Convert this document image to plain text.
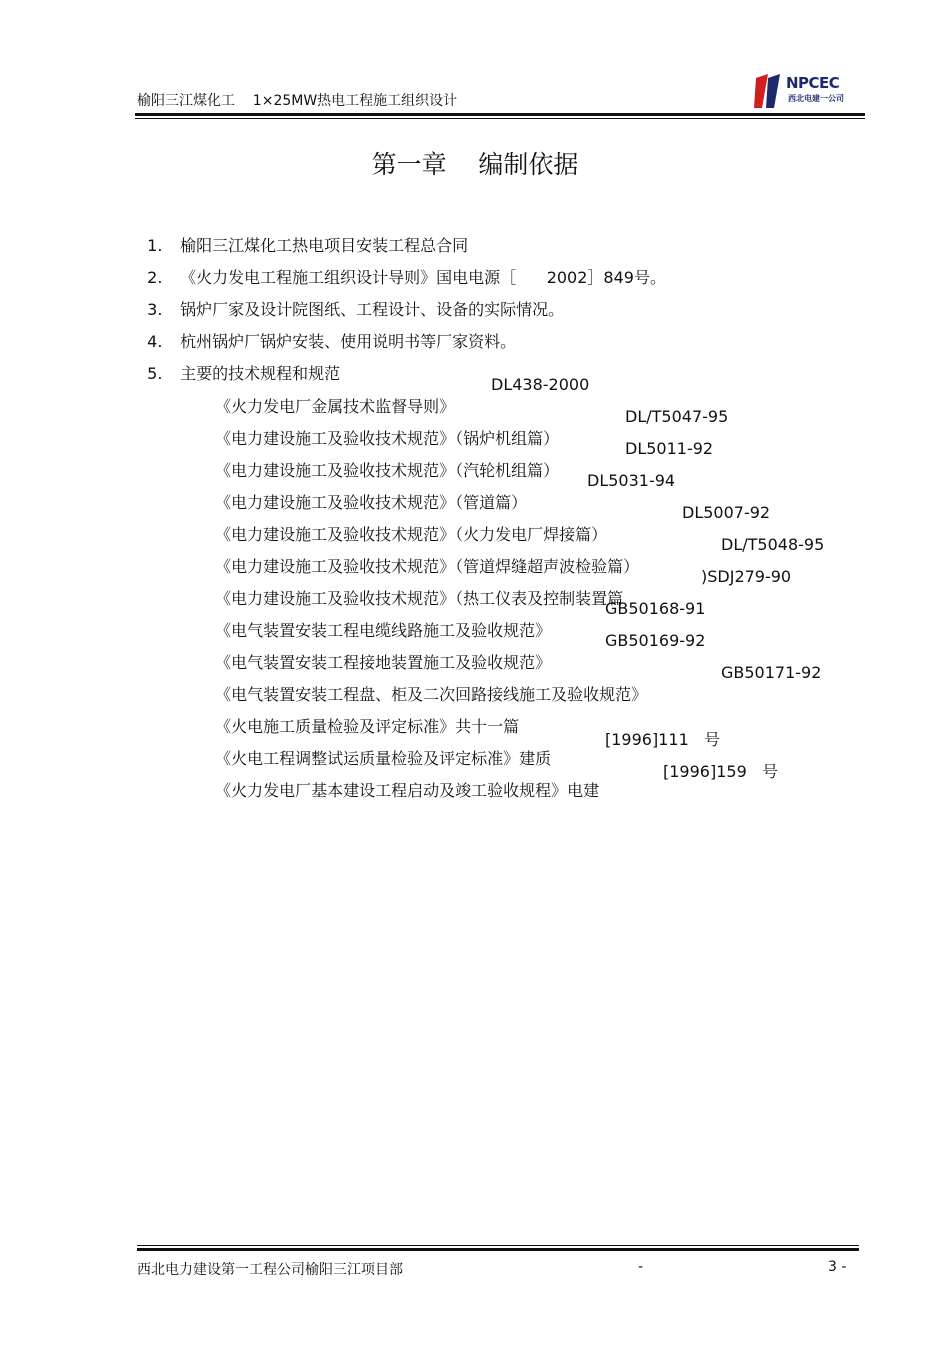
榆阳三江煤化工    1×25MW热电工程施工组织设计
NPCEC
西北电建一公司
第一章    编制依据

1. 榆阳三江煤化工热电项目安装工程总合同

2. 《火力发电工程施工组织设计导则》国电电源［      2002］849号。

3. 锅炉厂家及设计院图纸、工程设计、设备的实际情况。

4. 杭州锅炉厂锅炉安装、使用说明书等厂家资料。

5. 主要的技术规程和规范

《火力发电厂金属技术监督导则》

DL438-2000

《电力建设施工及验收技术规范》（锅炉机组篇）

DL/T5047-95

《电力建设施工及验收技术规范》（汽轮机组篇）

DL5011-92

《电力建设施工及验收技术规范》（管道篇）

DL5031-94

《电力建设施工及验收技术规范》（火力发电厂焊接篇）

DL5007-92

《电力建设施工及验收技术规范》（管道焊缝超声波检验篇）

DL/T5048-95

《电力建设施工及验收技术规范》（热工仪表及控制装置篇

)SDJ279-90

《电气装置安装工程电缆线路施工及验收规范》

GB50168-91

《电气装置安装工程接地装置施工及验收规范》

GB50169-92

《电气装置安装工程盘、柜及二次回路接线施工及验收规范》

GB50171-92

《火电施工质量检验及评定标准》共十一篇

《火电工程调整试运质量检验及评定标准》建质

[1996]111   号

《火力发电厂基本建设工程启动及竣工验收规程》电建

[1996]159   号

西北电力建设第一工程公司榆阳三江项目部	-	3 -
